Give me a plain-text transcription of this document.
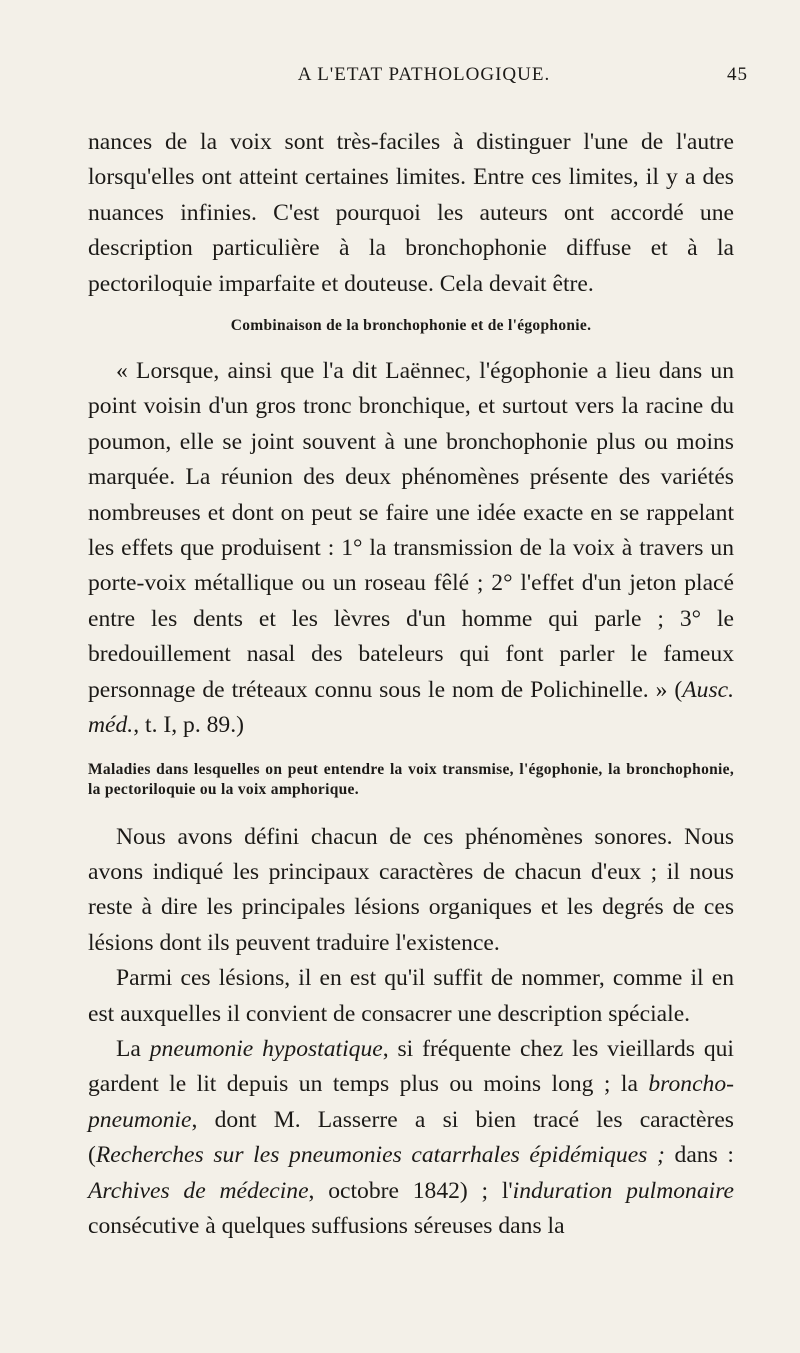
A L'ETAT PATHOLOGIQUE.	45

nances de la voix sont très-faciles à distinguer l'une de l'autre lorsqu'elles ont atteint certaines limites. Entre ces limites, il y a des nuances infinies. C'est pourquoi les auteurs ont accordé une description particulière à la bronchophonie diffuse et à la pectoriloquie imparfaite et douteuse. Cela devait être.

Combinaison de la bronchophonie et de l'égophonie.

« Lorsque, ainsi que l'a dit Laënnec, l'égophonie a lieu dans un point voisin d'un gros tronc bronchique, et surtout vers la racine du poumon, elle se joint souvent à une bronchophonie plus ou moins marquée. La réunion des deux phénomènes présente des variétés nombreuses et dont on peut se faire une idée exacte en se rappelant les effets que produisent : 1° la transmission de la voix à travers un porte-voix métallique ou un roseau fêlé ; 2° l'effet d'un jeton placé entre les dents et les lèvres d'un homme qui parle ; 3° le bredouillement nasal des bateleurs qui font parler le fameux personnage de tréteaux connu sous le nom de Polichinelle. » (Ausc. méd., t. I, p. 89.)

Maladies dans lesquelles on peut entendre la voix transmise, l'égophonie, la bronchophonie, la pectoriloquie ou la voix amphorique.

Nous avons défini chacun de ces phénomènes sonores. Nous avons indiqué les principaux caractères de chacun d'eux ; il nous reste à dire les principales lésions organiques et les degrés de ces lésions dont ils peuvent traduire l'existence.

Parmi ces lésions, il en est qu'il suffit de nommer, comme il en est auxquelles il convient de consacrer une description spéciale.

La pneumonie hypostatique, si fréquente chez les vieillards qui gardent le lit depuis un temps plus ou moins long ; la broncho-pneumonie, dont M. Lasserre a si bien tracé les caractères (Recherches sur les pneumonies catarrhales épidémiques ; dans : Archives de médecine, octobre 1842) ; l'induration pulmonaire consécutive à quelques suffusions séreuses dans la
